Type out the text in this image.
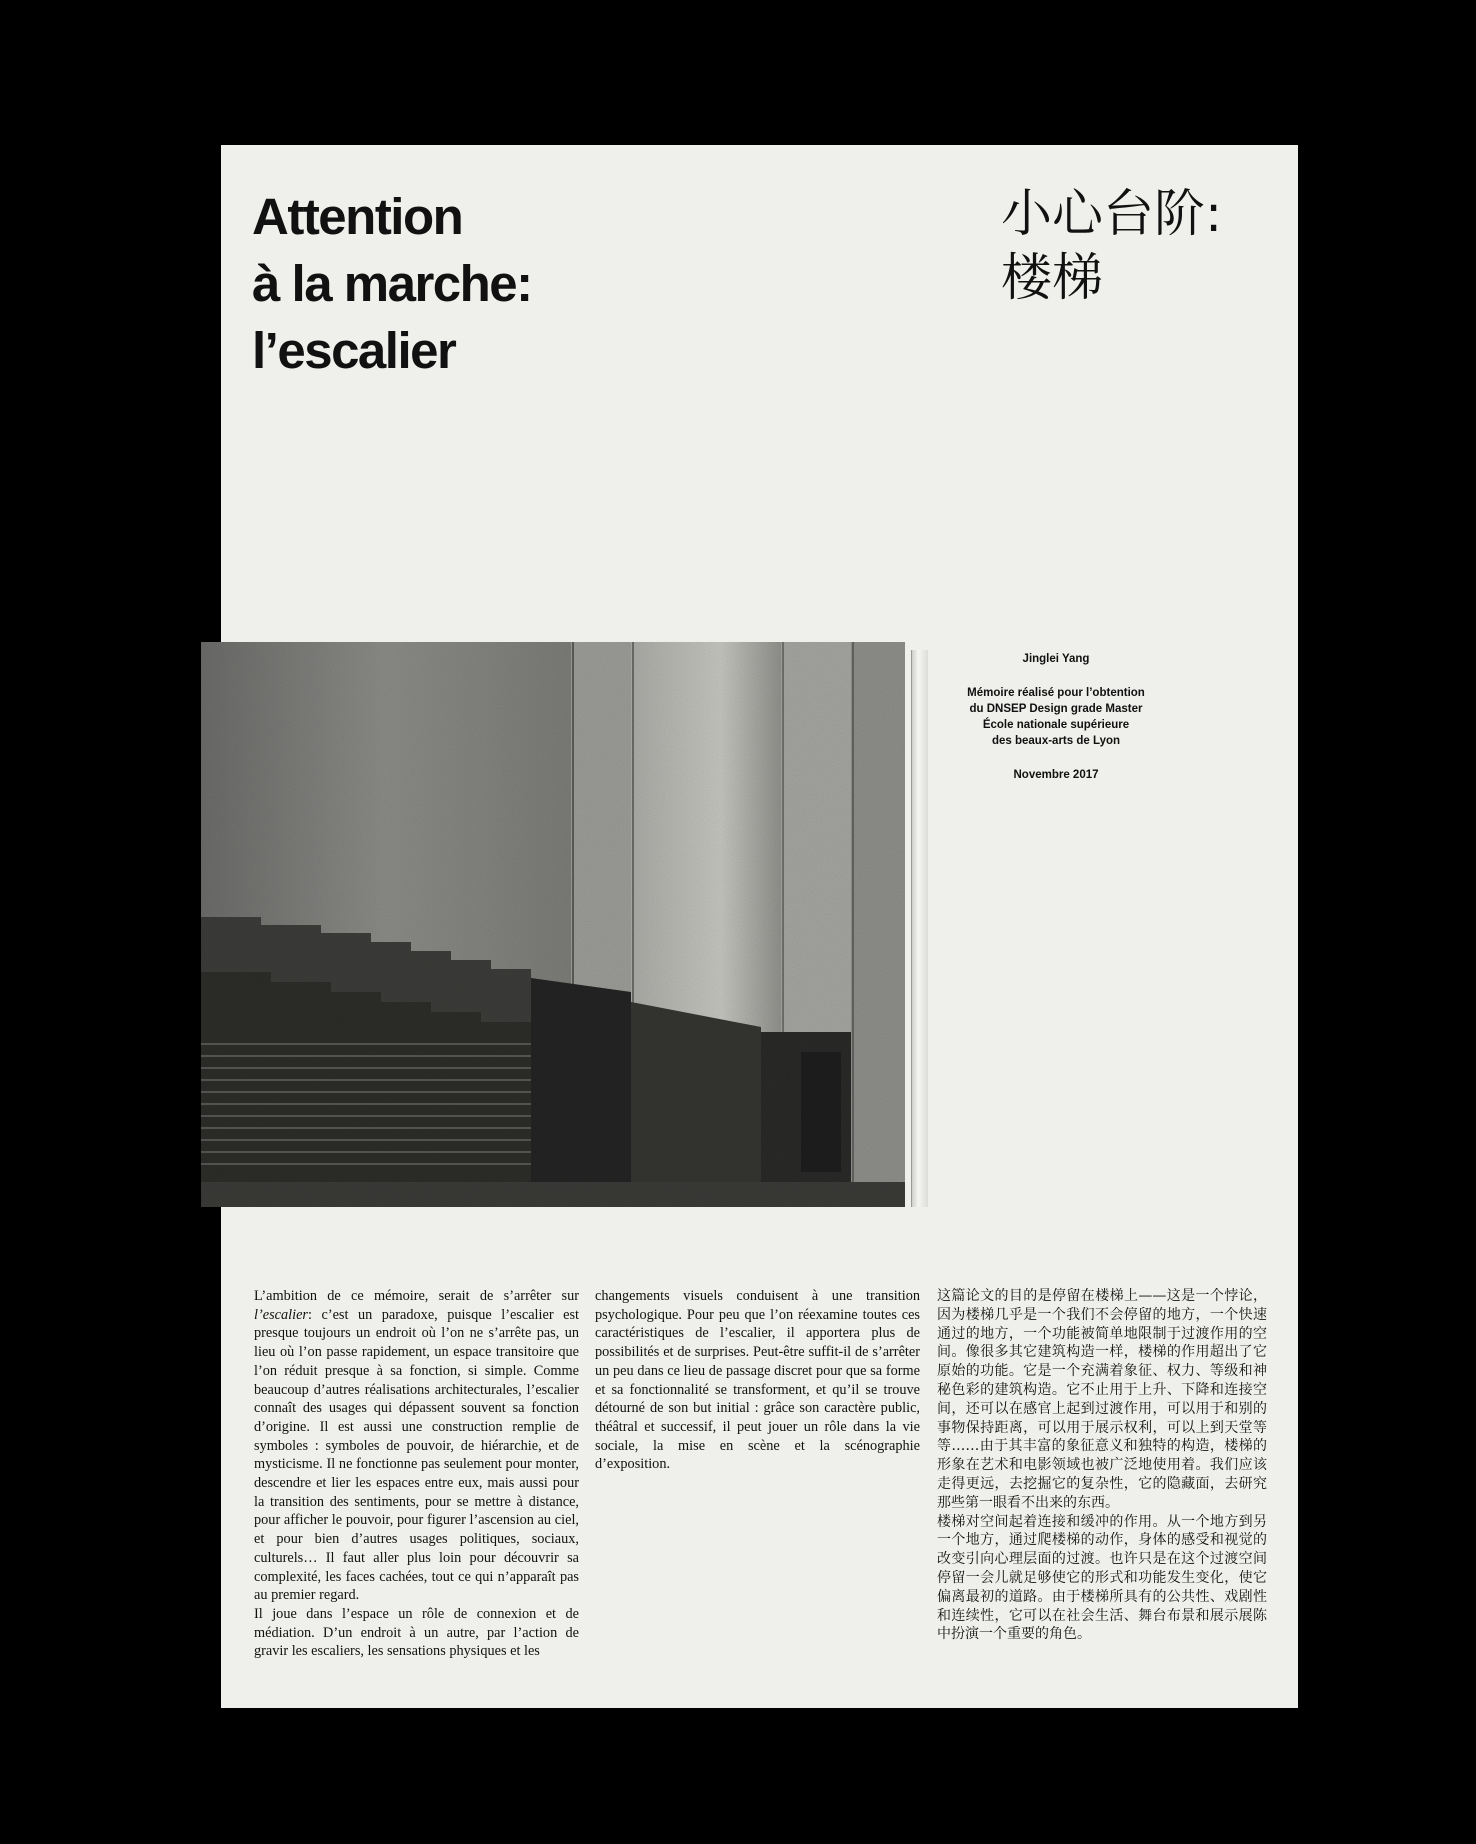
Attention
à la marche:
l’escalier
小心台阶:
楼梯

Jinglei Yang

Mémoire réalisé pour l’obtention
du DNSEP Design grade Master
École nationale supérieure
des beaux-arts de Lyon

Novembre 2017

L’ambition de ce mémoire, serait de s’arrêter sur l’escalier: c’est un paradoxe, puisque l’escalier est presque toujours un endroit où l’on ne s’arrête pas, un lieu où l’on passe rapidement, un espace transitoire que l’on réduit presque à sa fonction, si simple. Comme beaucoup d’autres réalisations architecturales, l’escalier connaît des usages qui dépassent souvent sa fonction d’origine. Il est aussi une construction remplie de symboles : symboles de pouvoir, de hiérarchie, et de mysticisme. Il ne fonctionne pas seulement pour monter, descendre et lier les espaces entre eux, mais aussi pour la transition des sentiments, pour se mettre à distance, pour afficher le pouvoir, pour figurer l’ascension au ciel, et pour bien d’autres usages politiques, sociaux, culturels… Il faut aller plus loin pour découvrir sa complexité, les faces cachées, tout ce qui n’apparaît pas au premier regard.

Il joue dans l’espace un rôle de connexion et de médiation. D’un endroit à un autre, par l’action de gravir les escaliers, les sensations physiques et les

changements visuels conduisent à une transition psychologique. Pour peu que l’on réexamine toutes ces caractéristiques de l’escalier, il apportera plus de possibilités et de surprises. Peut-être suffit-il de s’arrêter un peu dans ce lieu de passage discret pour que sa forme et sa fonctionnalité se transforment, et qu’il se trouve détourné de son but initial : grâce son caractère public, théâtral et successif, il peut jouer un rôle dans la vie sociale, la mise en scène et la scénographie d’exposition.

这篇论文的目的是停留在楼梯上——这是一个悖论，因为楼梯几乎是一个我们不会停留的地方，一个快速通过的地方，一个功能被简单地限制于过渡作用的空间。像很多其它建筑构造一样，楼梯的作用超出了它原始的功能。它是一个充满着象征、权力、等级和神秘色彩的建筑构造。它不止用于上升、下降和连接空间，还可以在感官上起到过渡作用，可以用于和别的事物保持距离，可以用于展示权利，可以上到天堂等等……由于其丰富的象征意义和独特的构造，楼梯的形象在艺术和电影领域也被广泛地使用着。我们应该走得更远，去挖掘它的复杂性，它的隐藏面，去研究那些第一眼看不出来的东西。

楼梯对空间起着连接和缓冲的作用。从一个地方到另一个地方，通过爬楼梯的动作，身体的感受和视觉的改变引向心理层面的过渡。也许只是在这个过渡空间停留一会儿就足够使它的形式和功能发生变化，使它偏离最初的道路。由于楼梯所具有的公共性、戏剧性和连续性，它可以在社会生活、舞台布景和展示展陈中扮演一个重要的角色。
